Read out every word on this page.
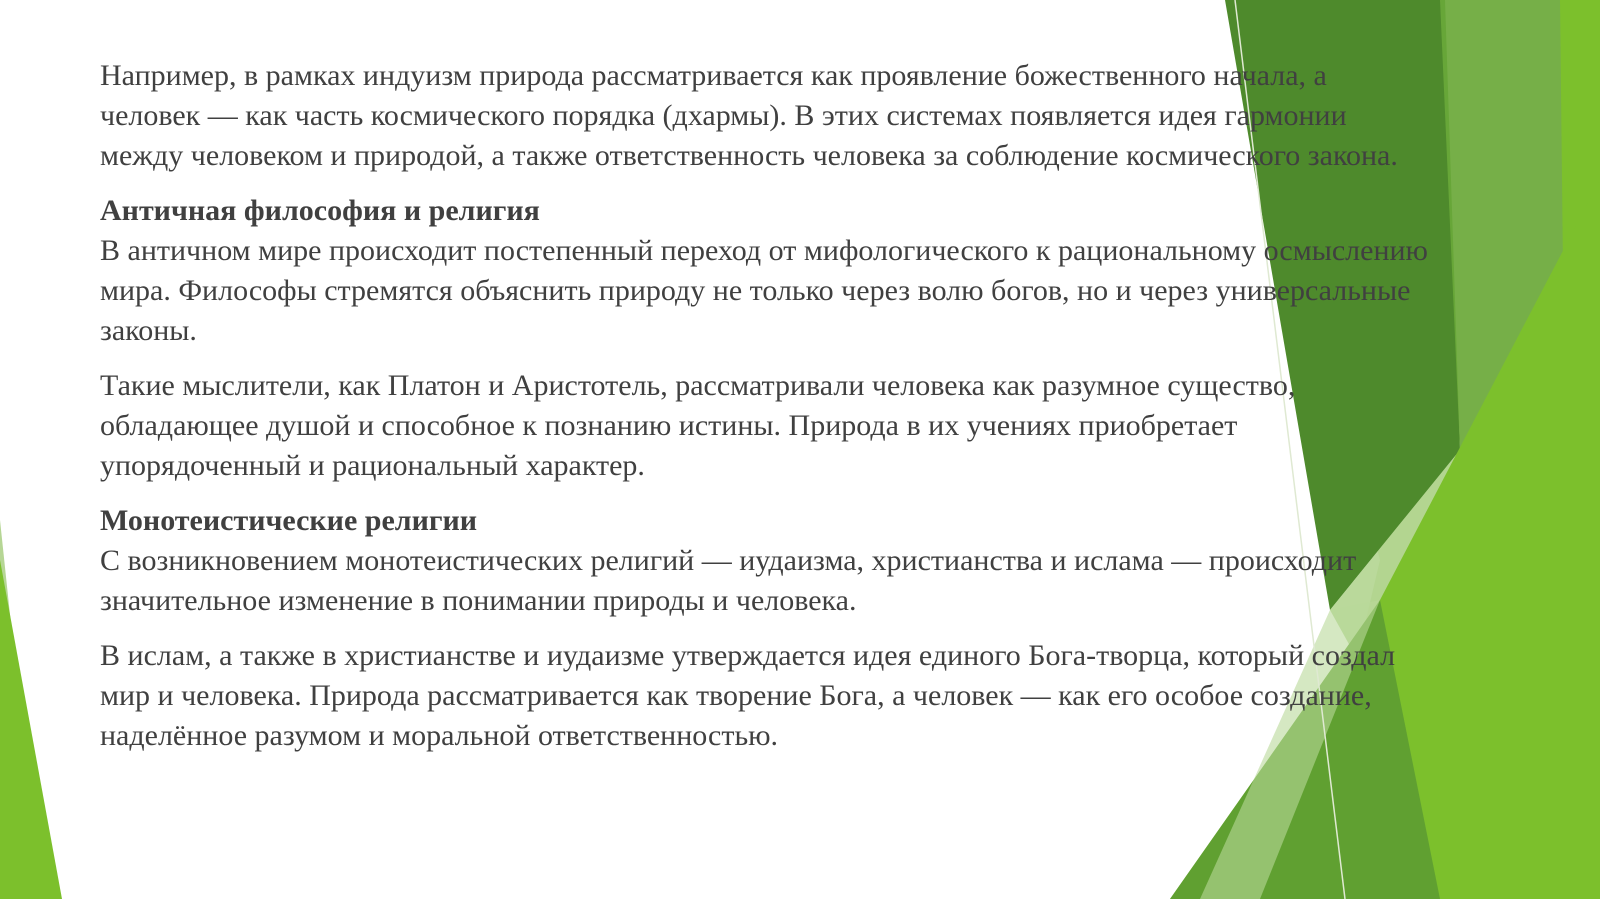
Например, в рамках индуизм природа рассматривается как проявление божественного начала, а человек — как часть космического порядка (дхармы). В этих системах появляется идея гармонии между человеком и природой, а также ответственность человека за соблюдение космического закона.
Античная философия и религия
В античном мире происходит постепенный переход от мифологического к рациональному осмыслению мира. Философы стремятся объяснить природу не только через волю богов, но и через универсальные законы.
Такие мыслители, как Платон и Аристотель, рассматривали человека как разумное существо, обладающее душой и способное к познанию истины. Природа в их учениях приобретает упорядоченный и рациональный характер.
Монотеистические религии
С возникновением монотеистических религий — иудаизма, христианства и ислама — происходит значительное изменение в понимании природы и человека.
В ислам, а также в христианстве и иудаизме утверждается идея единого Бога-творца, который создал мир и человека. Природа рассматривается как творение Бога, а человек — как его особое создание, наделённое разумом и моральной ответственностью.
